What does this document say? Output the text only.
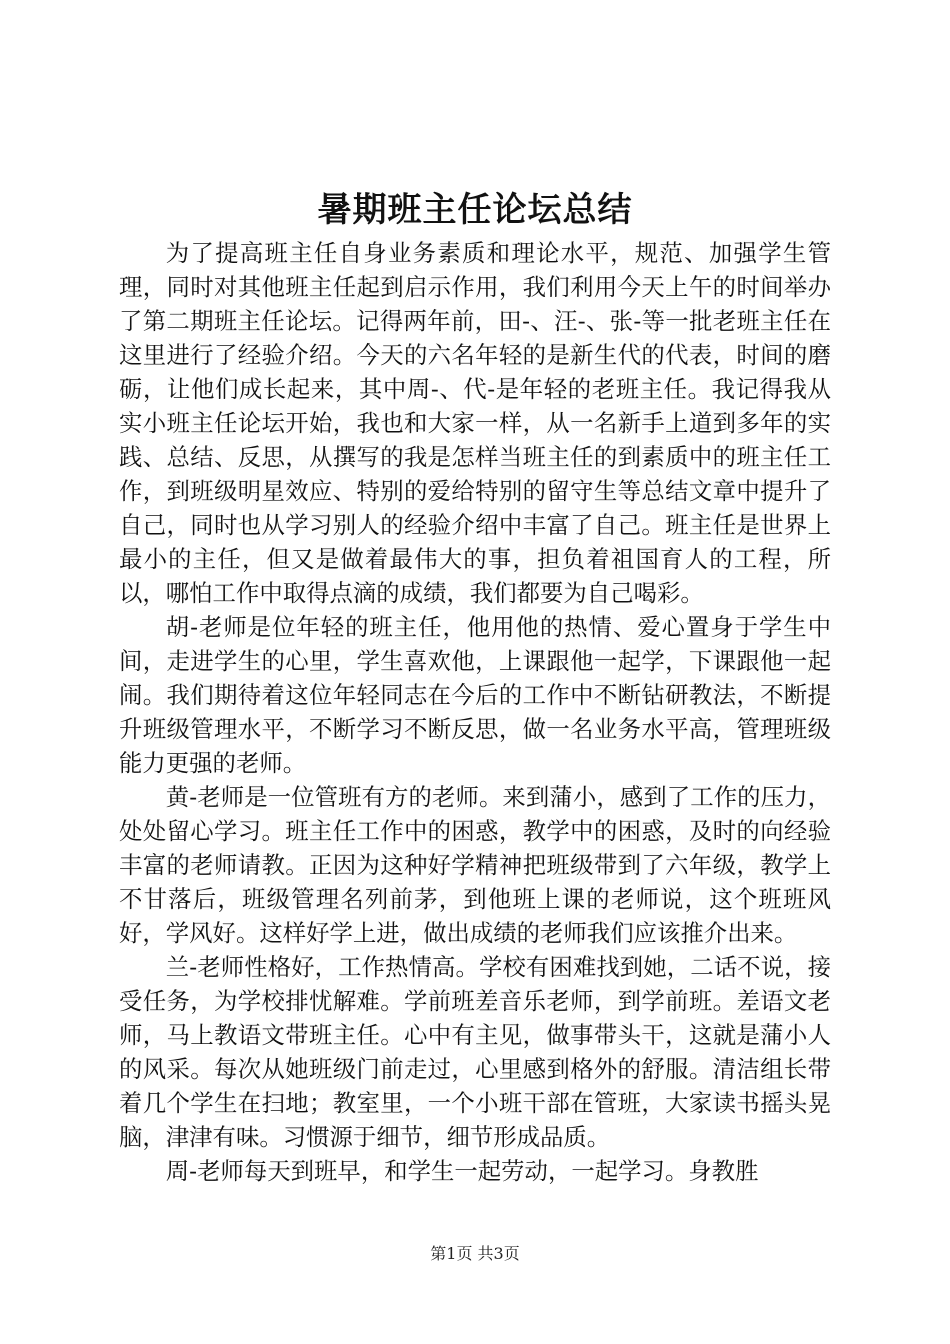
暑期班主任论坛总结

为了提高班主任自身业务素质和理论水平，规范、加强学生管理，同时对其他班主任起到启示作用，我们利用今天上午的时间举办了第二期班主任论坛。记得两年前，田-、汪-、张-等一批老班主任在这里进行了经验介绍。今天的六名年轻的是新生代的代表，时间的磨砺，让他们成长起来，其中周-、代-是年轻的老班主任。我记得我从实小班主任论坛开始，我也和大家一样，从一名新手上道到多年的实践、总结、反思，从撰写的我是怎样当班主任的到素质中的班主任工作，到班级明星效应、特别的爱给特别的留守生等总结文章中提升了自己，同时也从学习别人的经验介绍中丰富了自己。班主任是世界上最小的主任，但又是做着最伟大的事，担负着祖国育人的工程，所以，哪怕工作中取得点滴的成绩，我们都要为自己喝彩。

胡-老师是位年轻的班主任，他用他的热情、爱心置身于学生中间，走进学生的心里，学生喜欢他，上课跟他一起学，下课跟他一起闹。我们期待着这位年轻同志在今后的工作中不断钻研教法，不断提升班级管理水平，不断学习不断反思，做一名业务水平高，管理班级能力更强的老师。

黄-老师是一位管班有方的老师。来到蒲小，感到了工作的压力，处处留心学习。班主任工作中的困惑，教学中的困惑，及时的向经验丰富的老师请教。正因为这种好学精神把班级带到了六年级，教学上不甘落后，班级管理名列前茅，到他班上课的老师说，这个班班风好，学风好。这样好学上进，做出成绩的老师我们应该推介出来。

兰-老师性格好，工作热情高。学校有困难找到她，二话不说，接受任务，为学校排忧解难。学前班差音乐老师，到学前班。差语文老师，马上教语文带班主任。心中有主见，做事带头干，这就是蒲小人的风采。每次从她班级门前走过，心里感到格外的舒服。清洁组长带着几个学生在扫地；教室里，一个小班干部在管班，大家读书摇头晃脑，津津有味。习惯源于细节，细节形成品质。

周-老师每天到班早，和学生一起劳动，一起学习。身教胜

第1页 共3页
